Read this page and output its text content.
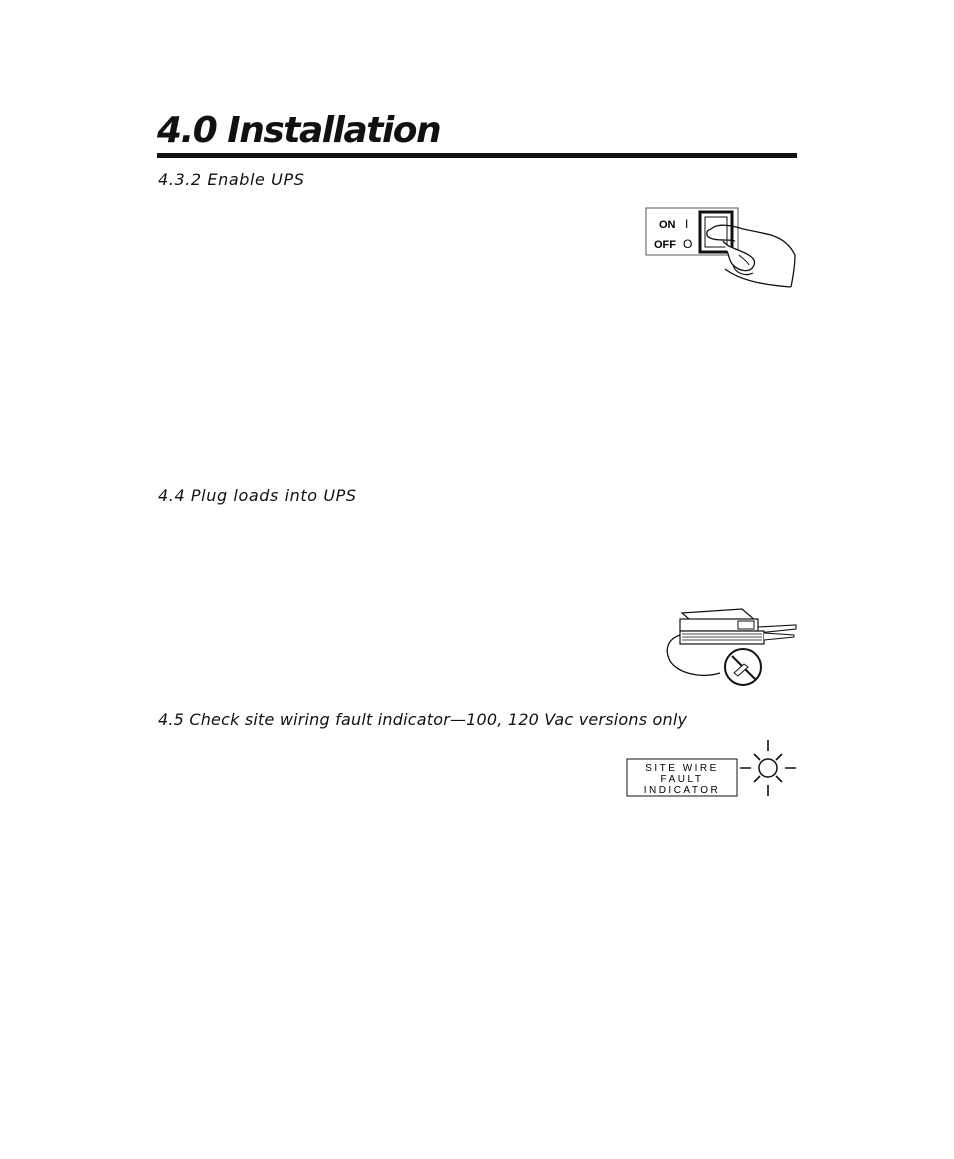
4.0 Installation
4.3.2 Enable UPS
ON I
OFF O
4.4 Plug loads into UPS
4.5 Check site wiring fault indicator—100, 120 Vac versions only
SITE WIRE
FAULT
INDICATOR
